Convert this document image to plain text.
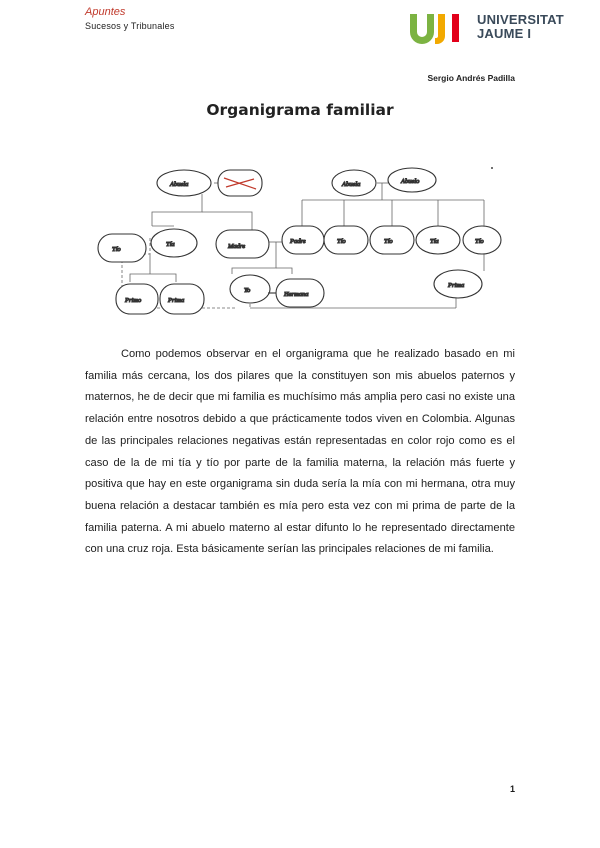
Apuntes
Sucesos y Tribunales	UNIVERSITAT
JAUME I
Sergio Andrés Padilla
Organigrama familiar
Abuela	Abuela	Abuelo
Tío
Tía	Madre
Padre	Tío	Tío	Tía	Tío
Primo	Prima
Yo
Hermana
Prima

Como podemos observar en el organigrama que he realizado basado en mi familia más cercana, los dos pilares que la constituyen son mis abuelos paternos y maternos, he de decir que mi familia es muchísimo más amplia pero casi no existe una relación entre nosotros debido a que prácticamente todos viven en Colombia. Algunas de las principales relaciones negativas están representadas en color rojo como es el caso de la de mi tía y tío por parte de la familia materna, la relación más fuerte y positiva que hay en este organigrama sin duda sería la mía con mi hermana, otra muy buena relación a destacar también es mía pero esta vez con mi prima de parte de la familia paterna. A mi abuelo materno al estar difunto lo he representado directamente con una cruz roja. Esta básicamente serían las principales relaciones de mi familia.

1
